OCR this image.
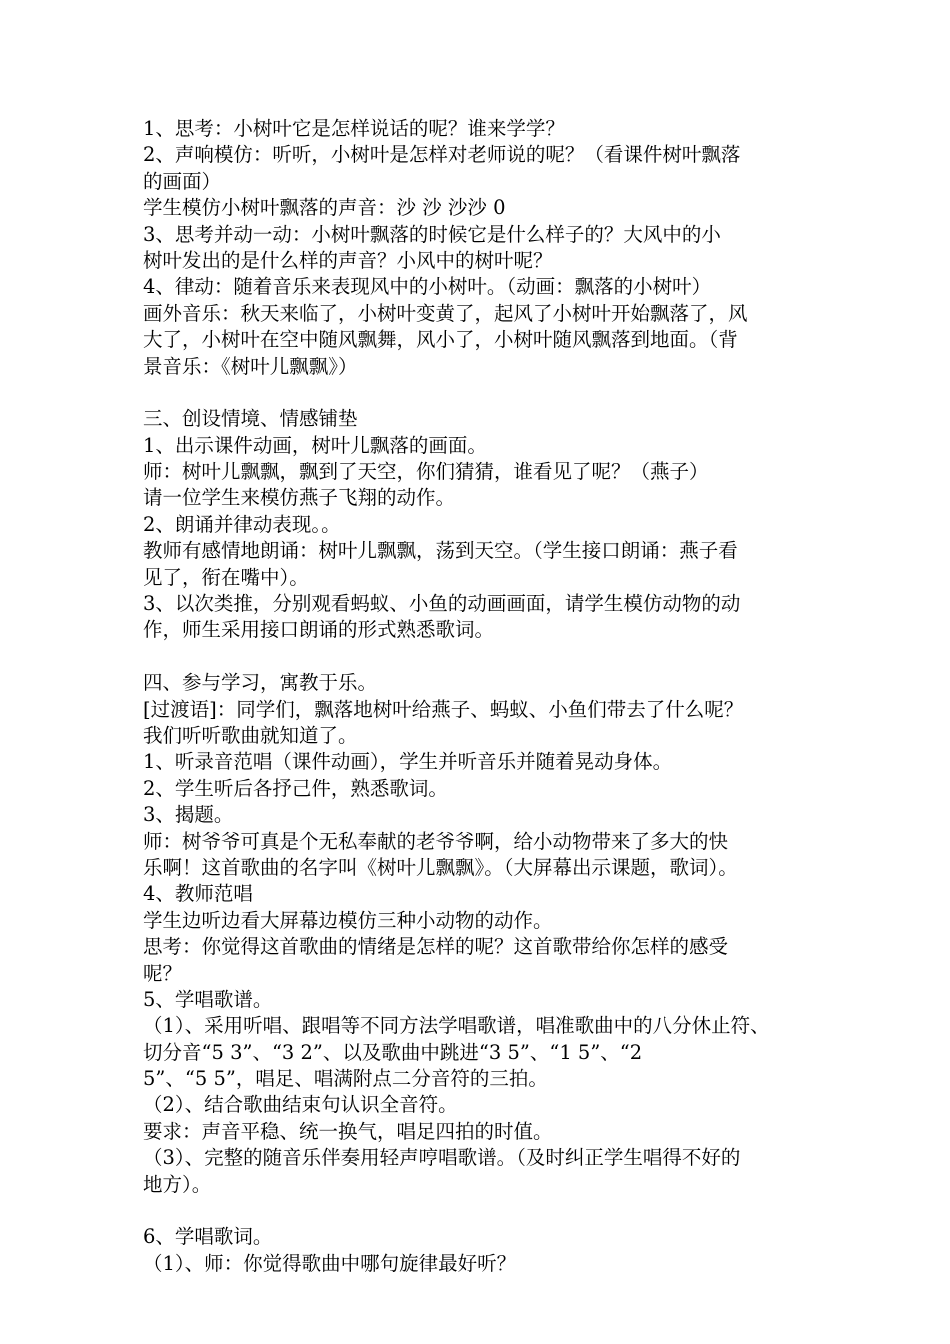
1、思考：小树叶它是怎样说话的呢？谁来学学？
2、声响模仿：听听，小树叶是怎样对老师说的呢？（看课件树叶飘落
的画面）
学生模仿小树叶飘落的声音：沙 沙 沙沙 0
3、思考并动一动：小树叶飘落的时候它是什么样子的？大风中的小
树叶发出的是什么样的声音？小风中的树叶呢？
4、律动：随着音乐来表现风中的小树叶。（动画：飘落的小树叶）
画外音乐：秋天来临了，小树叶变黄了，起风了小树叶开始飘落了，风
大了，小树叶在空中随风飘舞，风小了，小树叶随风飘落到地面。（背
景音乐：《树叶儿飘飘》）
三、创设情境、情感铺垫
1、出示课件动画，树叶儿飘落的画面。
师：树叶儿飘飘，飘到了天空，你们猜猜，谁看见了呢？（燕子）
请一位学生来模仿燕子飞翔的动作。
2、朗诵并律动表现。。
教师有感情地朗诵：树叶儿飘飘，荡到天空。（学生接口朗诵：燕子看
见了，衔在嘴中）。
3、以次类推，分别观看蚂蚁、小鱼的动画画面，请学生模仿动物的动
作，师生采用接口朗诵的形式熟悉歌词。
四、参与学习，寓教于乐。
[过渡语]：同学们，飘落地树叶给燕子、蚂蚁、小鱼们带去了什么呢？
我们听听歌曲就知道了。
1、听录音范唱（课件动画），学生并听音乐并随着晃动身体。
2、学生听后各抒己件，熟悉歌词。
3、揭题。
师：树爷爷可真是个无私奉献的老爷爷啊，给小动物带来了多大的快
乐啊！这首歌曲的名字叫《树叶儿飘飘》。（大屏幕出示课题，歌词）。
4、教师范唱
学生边听边看大屏幕边模仿三种小动物的动作。
思考：你觉得这首歌曲的情绪是怎样的呢？这首歌带给你怎样的感受
呢？
5、学唱歌谱。
（1）、采用听唱、跟唱等不同方法学唱歌谱，唱准歌曲中的八分休止符、
切分音“5 3”、“3 2”、以及歌曲中跳进“3 5”、“1 5”、“2
5”、“5 5”，唱足、唱满附点二分音符的三拍。
（2）、结合歌曲结束句认识全音符。
要求：声音平稳、统一换气，唱足四拍的时值。
（3）、完整的随音乐伴奏用轻声哼唱歌谱。（及时纠正学生唱得不好的
地方）。
6、学唱歌词。
（1）、师：你觉得歌曲中哪句旋律最好听？
